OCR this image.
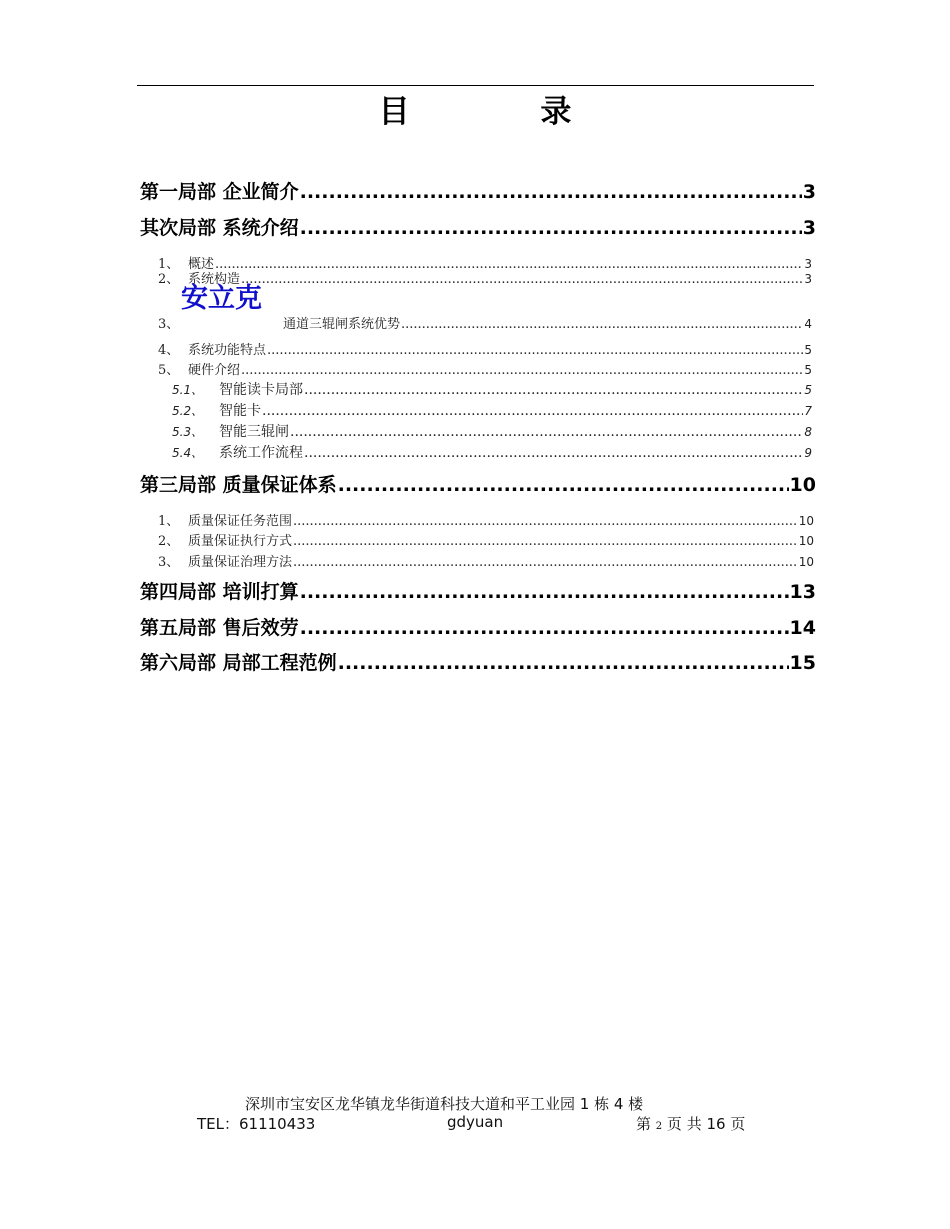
目 录
第一局部 企业简介 .....	3
其次局部 系统介绍 .....	3
1、 概述 .....	3
2、 系统构造 .....	3
安立克
3、	通道三辊闸系统优势 .....	4
4、 系统功能特点 .....	5
5、 硬件介绍 .....	5
5.1、	智能读卡局部 .....	5
5.2、	智能卡 .....	7
5.3、	智能三辊闸 .....	8
5.4、	系统工作流程 .....	9
第三局部 质量保证体系 .....	10
1、 质量保证任务范围 .....	10
2、 质量保证执行方式 .....	10
3、 质量保证治理方法 .....	10
第四局部 培训打算 .....	13
第五局部 售后效劳 .....	14
第六局部 局部工程范例 .....	15
深圳市宝安区龙华镇龙华街道科技大道和平工业园 1 栋 4 楼
TEL：61110433	gdyuan	第 2 页 共 16 页
